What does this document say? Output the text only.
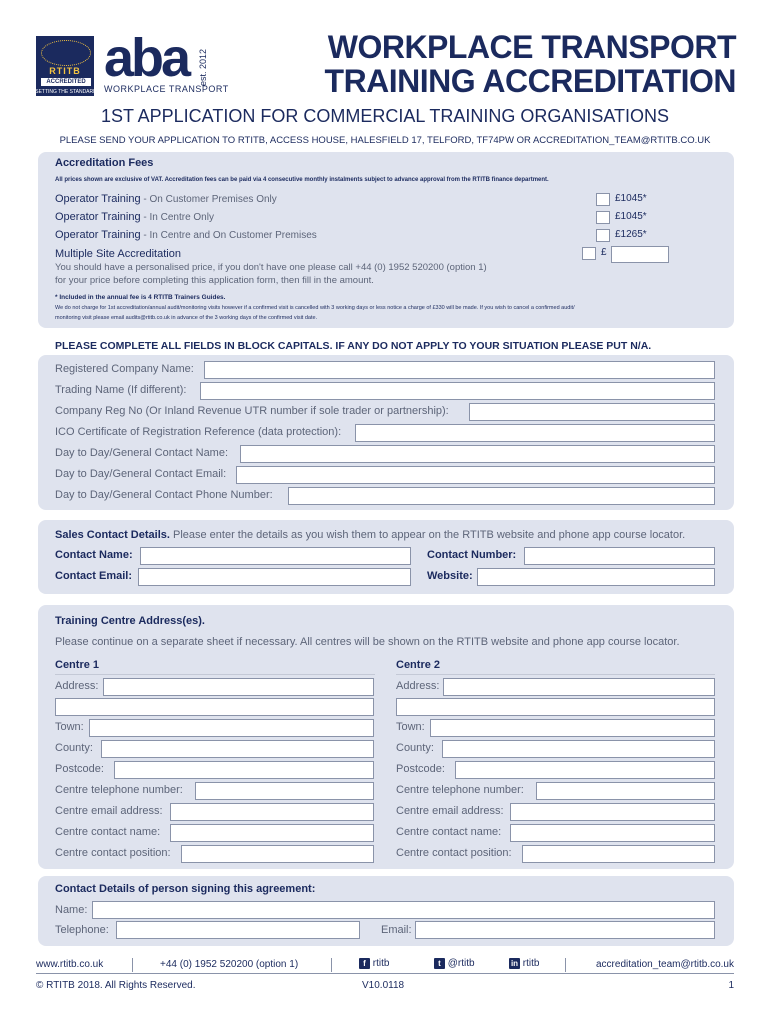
RTITB
ACCREDITED
SETTING THE STANDARD
aba
WORKPLACE TRANSPORT
est. 2012
WORKPLACE TRANSPORT
TRAINING ACCREDITATION
1ST APPLICATION FOR COMMERCIAL TRAINING ORGANISATIONS
PLEASE SEND YOUR APPLICATION TO RTITB, ACCESS HOUSE, HALESFIELD 17, TELFORD, TF74PW OR ACCREDITATION_TEAM@RTITB.CO.UK
Accreditation Fees
All prices shown are exclusive of VAT. Accreditation fees can be paid via 4 consecutive monthly instalments subject to advance approval from the RTITB finance department.
Operator Training - On Customer Premises Only	£1045*
Operator Training - In Centre Only	£1045*
Operator Training - In Centre and On Customer Premises	£1265*
Multiple Site Accreditation	£
You should have a personalised price, if you don't have one please call +44 (0) 1952 520200 (option 1)
for your price before completing this application form, then fill in the amount.
* Included in the annual fee is 4 RTITB Trainers Guides.
We do not charge for 1st accreditation/annual audit/monitoring visits however if a confirmed visit is cancelled with 3 working days or less notice a charge of £330 will be made. If you wish to cancel a confirmed audit/
monitoring visit please email audits@rtitb.co.uk in advance of the 3 working days of the confirmed visit date.
PLEASE COMPLETE ALL FIELDS IN BLOCK CAPITALS. IF ANY DO NOT APPLY TO YOUR SITUATION PLEASE PUT N/A.
Registered Company Name:
Trading Name (If different):
Company Reg No (Or Inland Revenue UTR number if sole trader or partnership):
ICO Certificate of Registration Reference (data protection):
Day to Day/General Contact Name:
Day to Day/General Contact Email:
Day to Day/General Contact Phone Number:
Sales Contact Details. Please enter the details as you wish them to appear on the RTITB website and phone app course locator.
Contact Name:	Contact Number:
Contact Email:	Website:
Training Centre Address(es).
Please continue on a separate sheet if necessary. All centres will be shown on the RTITB website and phone app course locator.
Centre 1	Centre 2
Address:
Town:
County:
Postcode:
Centre telephone number:
Centre email address:
Centre contact name:
Centre contact position:
Address:
Town:
County:
Postcode:
Centre telephone number:
Centre email address:
Centre contact name:
Centre contact position:
Contact Details of person signing this agreement:
Name:
Telephone:	Email:
www.rtitb.co.uk	+44 (0) 1952 520200 (option 1)	f rtitb	t @rtitb	in rtitb	accreditation_team@rtitb.co.uk
© RTITB 2018. All Rights Reserved.	V10.0118	1
